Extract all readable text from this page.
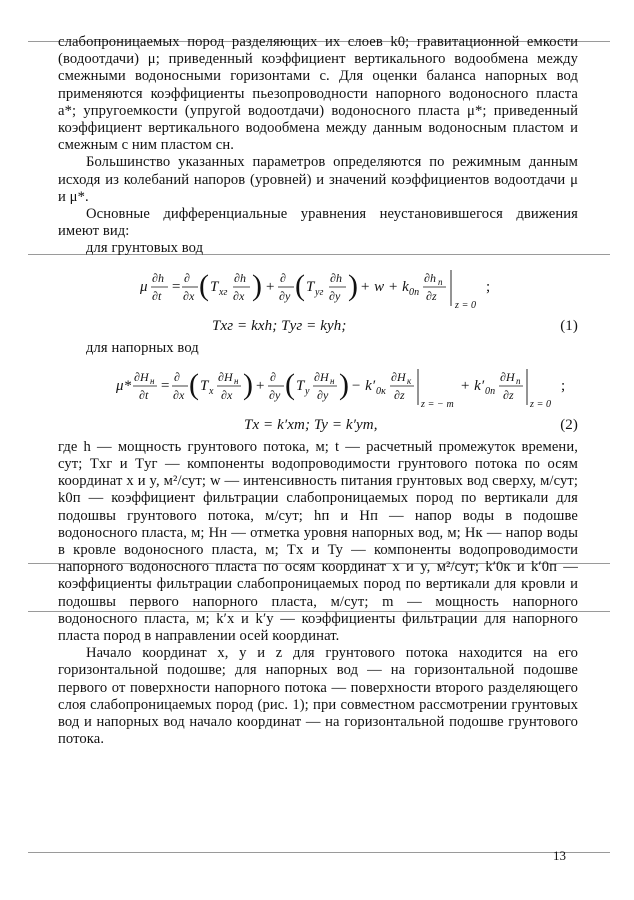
слабопроницаемых пород разделяющих их слоев k0; гравитационной емкости (водоотдачи) μ; приведенный коэффициент вертикального водообмена между смежными водоносными горизонтами c. Для оценки баланса напорных вод применяются коэффициенты пьезопроводности напорного водоносного пласта a*; упругоемкости (упругой водоотдачи) водоносного пласта μ*; приведенный коэффициент вертикального водообмена между данным водоносным пластом и смежным с ним пластом cн.

Большинство указанных параметров определяются по режимным данным исходя из колебаний напоров (уровней) и значений коэффициентов водоотдачи μ и μ*.

Основные дифференциальные уравнения неустановившегося движения имеют вид:

для грунтовых вод

μ
∂h
∂t
=
∂
∂x ( T xг
∂h
∂x ) +
∂
∂y ( T уг
∂h
∂y ) + w + k 0п
∂h п
∂z
z = 0
;
Tхг = kxh; Tуг = kyh;	(1)

для напорных вод

μ*
∂H н
∂t
=
∂
∂x ( T x
∂H н
∂x ) +
∂
∂y ( T y
∂H н
∂y ) − k′ 0к
∂H к
∂z
z = − m
+ k′ 0п
∂H п
∂z
z = 0
;
Tx = k′xm; Ty = k′ym,	(2)

где h — мощность грунтового потока, м; t — расчетный промежуток времени, сут; Tхг и Tуг — компоненты водопроводимости грунтового потока по осям координат x и y, м²/сут; w — интенсивность питания грунтовых вод сверху, м/сут; k0п — коэффициент фильтрации слабопроницаемых пород по вертикали для подошвы грунтового потока, м/сут; hп и Hп — напор воды в подошве водоносного пласта, м; Hн — отметка уровня напорных вод, м; Hк — напор воды в кровле водоносного пласта, м; Tx и Ty — компоненты водопроводимости напорного водоносного пласта по осям координат x и y, м²/сут; k′0к и k′0п — коэффициенты фильтрации слабопроницаемых пород по вертикали для кровли и подошвы первого напорного пласта, м/сут; m — мощность напорного водоносного пласта, м; k′x и k′y — коэффициенты фильтрации для напорного пласта пород в направлении осей координат.

Начало координат x, y и z для грунтового потока находится на его горизонтальной подошве; для напорных вод — на горизонтальной подошве первого от поверхности напорного потока — поверхности второго разделяющего слоя слабопроницаемых пород (рис. 1); при совместном рассмотрении грунтовых вод и напорных вод начало координат — на горизонтальной подошве грунтового потока.

13
